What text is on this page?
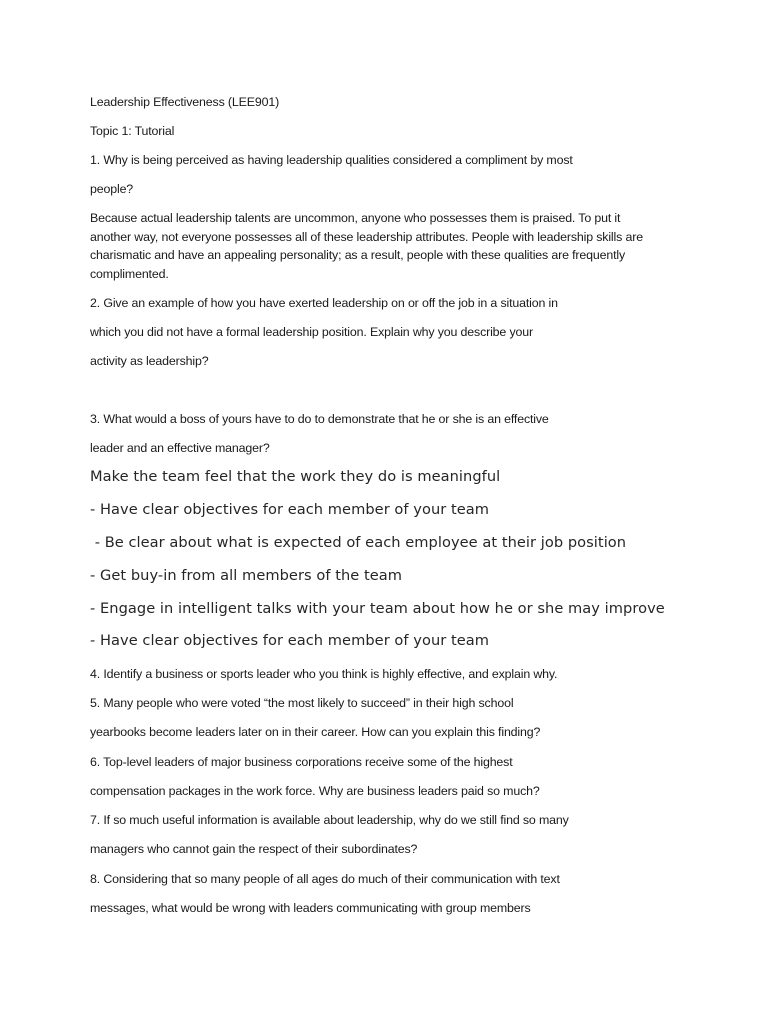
Leadership Effectiveness (LEE901)
Topic 1: Tutorial
1. Why is being perceived as having leadership qualities considered a compliment by most
people?
Because actual leadership talents are uncommon, anyone who possesses them is praised. To put it
another way, not everyone possesses all of these leadership attributes. People with leadership skills are
charismatic and have an appealing personality; as a result, people with these qualities are frequently
complimented.
2. Give an example of how you have exerted leadership on or off the job in a situation in
which you did not have a formal leadership position. Explain why you describe your
activity as leadership?
3. What would a boss of yours have to do to demonstrate that he or she is an effective
leader and an effective manager?
Make the team feel that the work they do is meaningful
- Have clear objectives for each member of your team
- Be clear about what is expected of each employee at their job position
- Get buy-in from all members of the team
- Engage in intelligent talks with your team about how he or she may improve
- Have clear objectives for each member of your team
4. Identify a business or sports leader who you think is highly effective, and explain why.
5. Many people who were voted “the most likely to succeed” in their high school
yearbooks become leaders later on in their career. How can you explain this finding?
6. Top-level leaders of major business corporations receive some of the highest
compensation packages in the work force. Why are business leaders paid so much?
7. If so much useful information is available about leadership, why do we still find so many
managers who cannot gain the respect of their subordinates?
8. Considering that so many people of all ages do much of their communication with text
messages, what would be wrong with leaders communicating with group members
